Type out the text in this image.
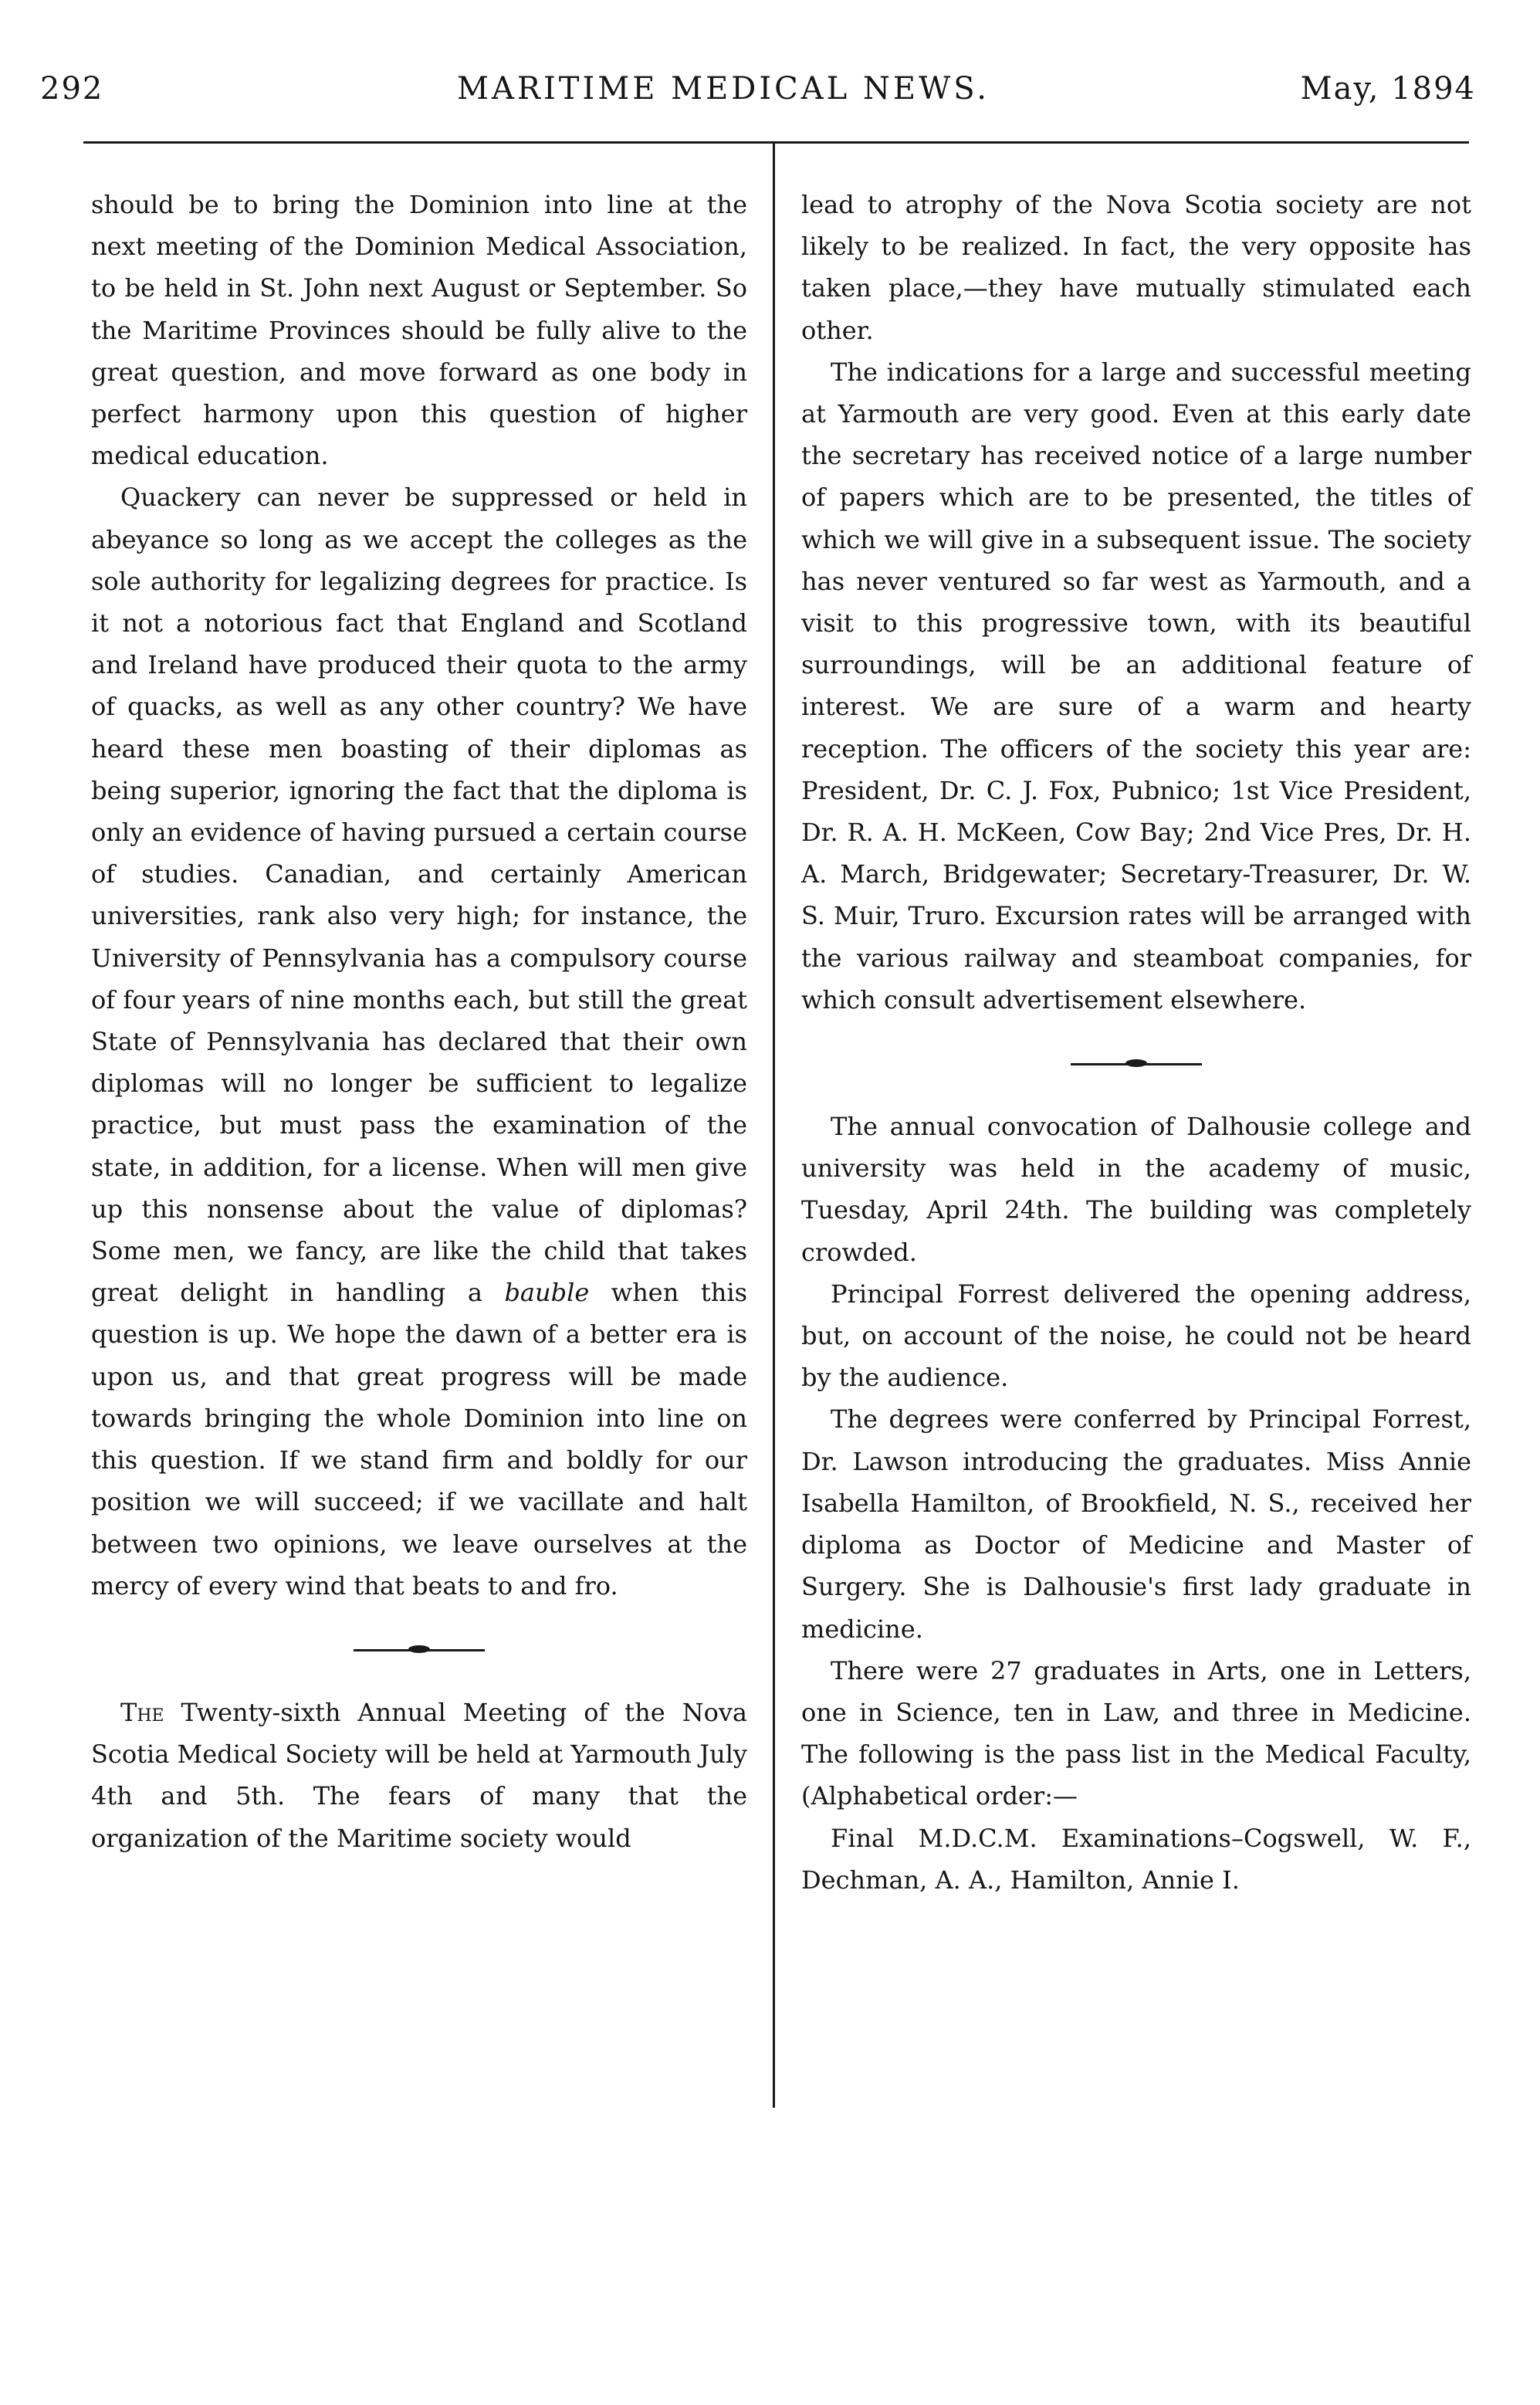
292	MARITIME MEDICAL NEWS.	May, 1894

should be to bring the Dominion into line at the next meeting of the Dominion Medical Association, to be held in St. John next August or September. So the Maritime Provinces should be fully alive to the great question, and move forward as one body in perfect harmony upon this question of higher medical education.

Quackery can never be suppressed or held in abeyance so long as we accept the colleges as the sole authority for legalizing degrees for practice. Is it not a notorious fact that England and Scotland and Ireland have produced their quota to the army of quacks, as well as any other country? We have heard these men boasting of their diplomas as being superior, ignoring the fact that the diploma is only an evidence of having pursued a certain course of studies. Canadian, and certainly American universities, rank also very high; for instance, the University of Pennsylvania has a compulsory course of four years of nine months each, but still the great State of Pennsylvania has declared that their own diplomas will no longer be sufficient to legalize practice, but must pass the examination of the state, in addition, for a license. When will men give up this nonsense about the value of diplomas? Some men, we fancy, are like the child that takes great delight in handling a bauble when this question is up. We hope the dawn of a better era is upon us, and that great progress will be made towards bringing the whole Dominion into line on this question. If we stand firm and boldly for our position we will succeed; if we vacillate and halt between two opinions, we leave ourselves at the mercy of every wind that beats to and fro.

The Twenty-sixth Annual Meeting of the Nova Scotia Medical Society will be held at Yarmouth July 4th and 5th. The fears of many that the organization of the Maritime society would

lead to atrophy of the Nova Scotia society are not likely to be realized. In fact, the very opposite has taken place,—they have mutually stimulated each other.

The indications for a large and successful meeting at Yarmouth are very good. Even at this early date the secretary has received notice of a large number of papers which are to be presented, the titles of which we will give in a subsequent issue. The society has never ventured so far west as Yarmouth, and a visit to this progressive town, with its beautiful surroundings, will be an additional feature of interest. We are sure of a warm and hearty reception. The officers of the society this year are: President, Dr. C. J. Fox, Pubnico; 1st Vice President, Dr. R. A. H. McKeen, Cow Bay; 2nd Vice Pres, Dr. H. A. March, Bridgewater; Secretary-Treasurer, Dr. W. S. Muir, Truro. Excursion rates will be arranged with the various railway and steamboat companies, for which consult advertisement elsewhere.

The annual convocation of Dalhousie college and university was held in the academy of music, Tuesday, April 24th. The building was completely crowded.

Principal Forrest delivered the opening address, but, on account of the noise, he could not be heard by the audience.

The degrees were conferred by Principal Forrest, Dr. Lawson introducing the graduates. Miss Annie Isabella Hamilton, of Brookfield, N. S., received her diploma as Doctor of Medicine and Master of Surgery. She is Dalhousie's first lady graduate in medicine.

There were 27 graduates in Arts, one in Letters, one in Science, ten in Law, and three in Medicine. The following is the pass list in the Medical Faculty, (Alphabetical order:—

Final M.D.C.M. Examinations–Cogswell, W. F., Dechman, A. A., Hamilton, Annie I.
